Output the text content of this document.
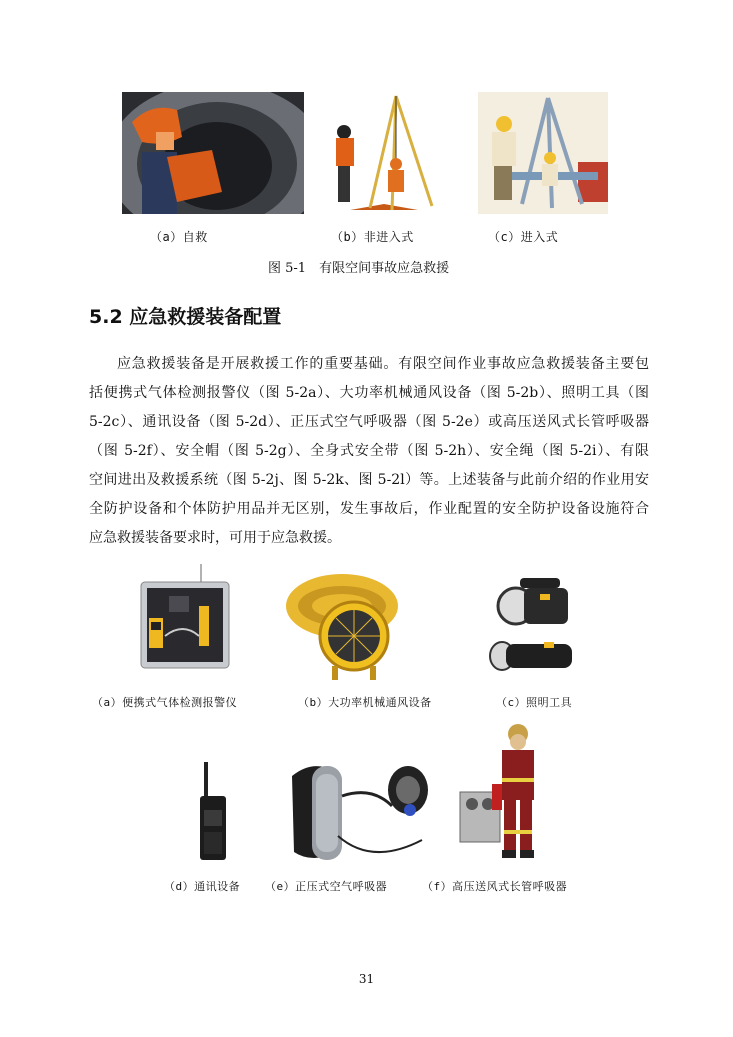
（a）自救	（b）非进入式	（c）进入式
图 5-1　有限空间事故应急救援
5.2 应急救援装备配置
应急救援装备是开展救援工作的重要基础。有限空间作业事故应急救援装备主要包
括便携式气体检测报警仪（图 5-2a）、大功率机械通风设备（图 5-2b）、照明工具（图
5-2c）、通讯设备（图 5-2d）、正压式空气呼吸器（图 5-2e）或高压送风式长管呼吸器
（图 5-2f）、安全帽（图 5-2g）、全身式安全带（图 5-2h）、安全绳（图 5-2i）、有限
空间进出及救援系统（图 5-2j、图 5-2k、图 5-2l）等。上述装备与此前介绍的作业用安
全防护设备和个体防护用品并无区别，发生事故后，作业配置的安全防护设备设施符合
应急救援装备要求时，可用于应急救援。
（a）便携式气体检测报警仪	（b）大功率机械通风设备	（c）照明工具
（d）通讯设备 （e）正压式空气呼吸器	（f）高压送风式长管呼吸器
31
